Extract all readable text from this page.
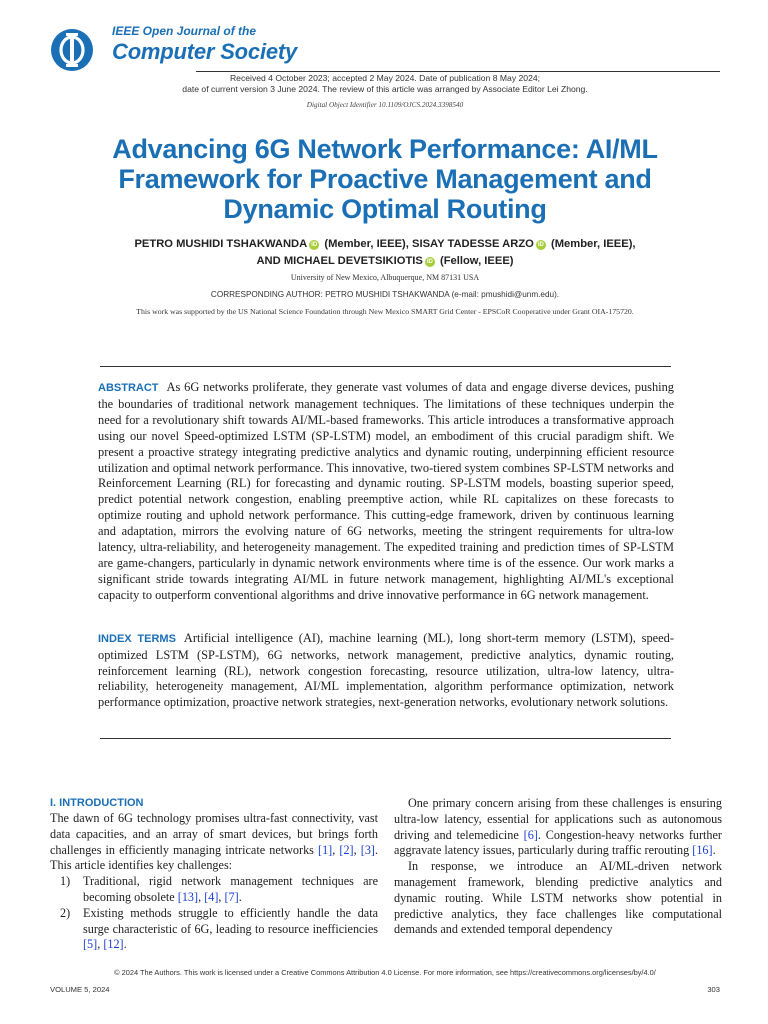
IEEE Open Journal of the
Computer Society
Received 4 October 2023; accepted 2 May 2024. Date of publication 8 May 2024;
date of current version 3 June 2024. The review of this article was arranged by Associate Editor Lei Zhong.
Digital Object Identifier 10.1109/OJCS.2024.3398540
Advancing 6G Network Performance: AI/ML
Framework for Proactive Management and
Dynamic Optimal Routing
PETRO MUSHIDI TSHAKWANDA iD (Member, IEEE), SISAY TADESSE ARZO iD (Member, IEEE),
AND MICHAEL DEVETSIKIOTIS iD (Fellow, IEEE)
University of New Mexico, Albuquerque, NM 87131 USA
CORRESPONDING AUTHOR: PETRO MUSHIDI TSHAKWANDA (e-mail: pmushidi@unm.edu).
This work was supported by the US National Science Foundation through New Mexico SMART Grid Center - EPSCoR Cooperative under Grant OIA-175720.
ABSTRACT As 6G networks proliferate, they generate vast volumes of data and engage diverse devices, pushing the boundaries of traditional network management techniques. The limitations of these techniques underpin the need for a revolutionary shift towards AI/ML-based frameworks. This article introduces a transformative approach using our novel Speed-optimized LSTM (SP-LSTM) model, an embodiment of this crucial paradigm shift. We present a proactive strategy integrating predictive analytics and dynamic routing, underpinning efficient resource utilization and optimal network performance. This innovative, two-tiered system combines SP-LSTM networks and Reinforcement Learning (RL) for forecasting and dynamic routing. SP-LSTM models, boasting superior speed, predict potential network congestion, enabling preemptive action, while RL capitalizes on these forecasts to optimize routing and uphold network performance. This cutting-edge framework, driven by continuous learning and adaptation, mirrors the evolving nature of 6G networks, meeting the stringent requirements for ultra-low latency, ultra-reliability, and heterogeneity management. The expedited training and prediction times of SP-LSTM are game-changers, particularly in dynamic network environments where time is of the essence. Our work marks a significant stride towards integrating AI/ML in future network management, highlighting AI/ML's exceptional capacity to outperform conventional algorithms and drive innovative performance in 6G network management.
INDEX TERMS Artificial intelligence (AI), machine learning (ML), long short-term memory (LSTM), speed-optimized LSTM (SP-LSTM), 6G networks, network management, predictive analytics, dynamic routing, reinforcement learning (RL), network congestion forecasting, resource utilization, ultra-low latency, ultra-reliability, heterogeneity management, AI/ML implementation, algorithm performance optimization, network performance optimization, proactive network strategies, next-generation networks, evolutionary network solutions.
I. INTRODUCTION
The dawn of 6G technology promises ultra-fast connectivity, vast data capacities, and an array of smart devices, but brings forth challenges in efficiently managing intricate networks [1], [2], [3]. This article identifies key challenges:
1)	Traditional, rigid network management techniques are becoming obsolete [13], [4], [7].
2)	Existing methods struggle to efficiently handle the data surge characteristic of 6G, leading to resource inefficiencies [5], [12].
One primary concern arising from these challenges is ensuring ultra-low latency, essential for applications such as autonomous driving and telemedicine [6]. Congestion-heavy networks further aggravate latency issues, particularly during traffic rerouting [16].
In response, we introduce an AI/ML-driven network management framework, blending predictive analytics and dynamic routing. While LSTM networks show potential in predictive analytics, they face challenges like computational demands and extended temporal dependency
© 2024 The Authors. This work is licensed under a Creative Commons Attribution 4.0 License. For more information, see https://creativecommons.org/licenses/by/4.0/
VOLUME 5, 2024	303
